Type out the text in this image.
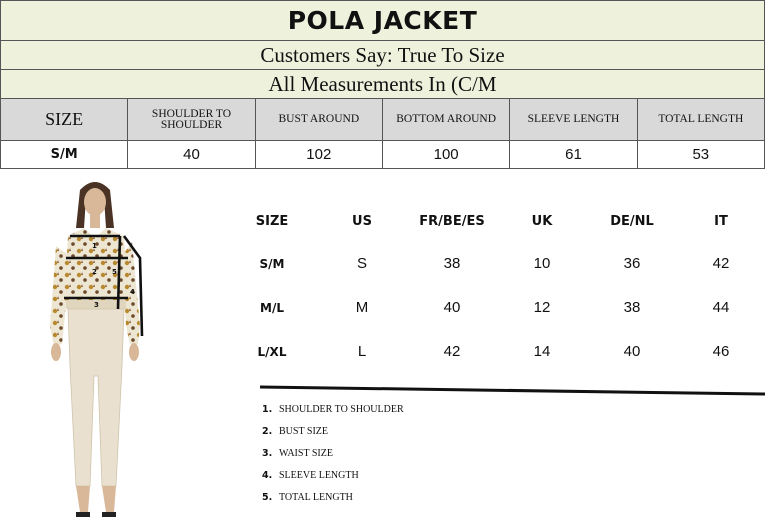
POLA JACKET
Customers Say: True To Size
All Measurements In (C/M
SIZE	SHOULDER TO SHOULDER	BUST AROUND	BOTTOM AROUND	SLEEVE LENGTH	TOTAL LENGTH
S/M	40	102	100	61	53
1
2
3
4
5
SIZE	US	FR/BE/ES	UK	DE/NL	IT
S/M	S	38	10	36	42
M/L	M	40	12	38	44
L/XL	L	42	14	40	46
1. SHOULDER TO SHOULDER
2. BUST SIZE
3. WAIST SIZE
4. SLEEVE LENGTH
5. TOTAL LENGTH
